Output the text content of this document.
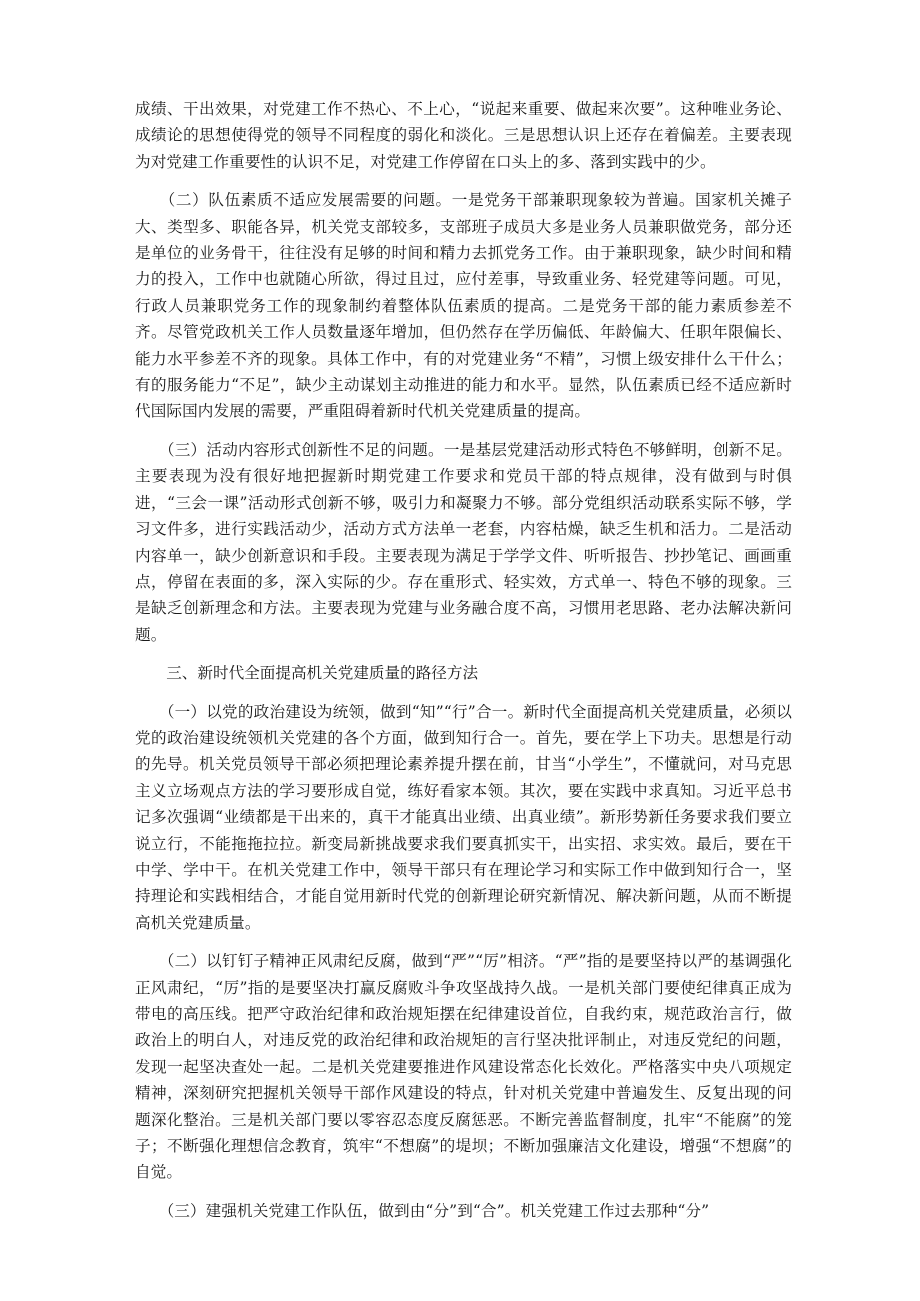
成绩、干出效果，对党建工作不热心、不上心，“说起来重要、做起来次要”。这种唯业务论、成绩论的思想使得党的领导不同程度的弱化和淡化。三是思想认识上还存在着偏差。主要表现为对党建工作重要性的认识不足，对党建工作停留在口头上的多、落到实践中的少。

　　（二）队伍素质不适应发展需要的问题。一是党务干部兼职现象较为普遍。国家机关摊子大、类型多、职能各异，机关党支部较多，支部班子成员大多是业务人员兼职做党务，部分还是单位的业务骨干，往往没有足够的时间和精力去抓党务工作。由于兼职现象，缺少时间和精力的投入，工作中也就随心所欲，得过且过，应付差事，导致重业务、轻党建等问题。可见，行政人员兼职党务工作的现象制约着整体队伍素质的提高。二是党务干部的能力素质参差不齐。尽管党政机关工作人员数量逐年增加，但仍然存在学历偏低、年龄偏大、任职年限偏长、能力水平参差不齐的现象。具体工作中，有的对党建业务“不精”，习惯上级安排什么干什么；有的服务能力“不足”，缺少主动谋划主动推进的能力和水平。显然，队伍素质已经不适应新时代国际国内发展的需要，严重阻碍着新时代机关党建质量的提高。

　　（三）活动内容形式创新性不足的问题。一是基层党建活动形式特色不够鲜明，创新不足。主要表现为没有很好地把握新时期党建工作要求和党员干部的特点规律，没有做到与时俱进，“三会一课”活动形式创新不够，吸引力和凝聚力不够。部分党组织活动联系实际不够，学习文件多，进行实践活动少，活动方式方法单一老套，内容枯燥，缺乏生机和活力。二是活动内容单一，缺少创新意识和手段。主要表现为满足于学学文件、听听报告、抄抄笔记、画画重点，停留在表面的多，深入实际的少。存在重形式、轻实效，方式单一、特色不够的现象。三是缺乏创新理念和方法。主要表现为党建与业务融合度不高，习惯用老思路、老办法解决新问题。

　　三、新时代全面提高机关党建质量的路径方法

　　（一）以党的政治建设为统领，做到“知”“行”合一。新时代全面提高机关党建质量，必须以党的政治建设统领机关党建的各个方面，做到知行合一。首先，要在学上下功夫。思想是行动的先导。机关党员领导干部必须把理论素养提升摆在前，甘当“小学生”，不懂就问，对马克思主义立场观点方法的学习要形成自觉，练好看家本领。其次，要在实践中求真知。习近平总书记多次强调“业绩都是干出来的，真干才能真出业绩、出真业绩”。新形势新任务要求我们要立说立行，不能拖拖拉拉。新变局新挑战要求我们要真抓实干，出实招、求实效。最后，要在干中学、学中干。在机关党建工作中，领导干部只有在理论学习和实际工作中做到知行合一，坚持理论和实践相结合，才能自觉用新时代党的创新理论研究新情况、解决新问题，从而不断提高机关党建质量。

　　（二）以钉钉子精神正风肃纪反腐，做到“严”“厉”相济。“严”指的是要坚持以严的基调强化正风肃纪，“厉”指的是要坚决打赢反腐败斗争攻坚战持久战。一是机关部门要使纪律真正成为带电的高压线。把严守政治纪律和政治规矩摆在纪律建设首位，自我约束，规范政治言行，做政治上的明白人，对违反党的政治纪律和政治规矩的言行坚决批评制止，对违反党纪的问题，发现一起坚决查处一起。二是机关党建要推进作风建设常态化长效化。严格落实中央八项规定精神，深刻研究把握机关领导干部作风建设的特点，针对机关党建中普遍发生、反复出现的问题深化整治。三是机关部门要以零容忍态度反腐惩恶。不断完善监督制度，扎牢“不能腐”的笼子；不断强化理想信念教育，筑牢“不想腐”的堤坝；不断加强廉洁文化建设，增强“不想腐”的自觉。

　　（三）建强机关党建工作队伍，做到由“分”到“合”。机关党建工作过去那种“分”
